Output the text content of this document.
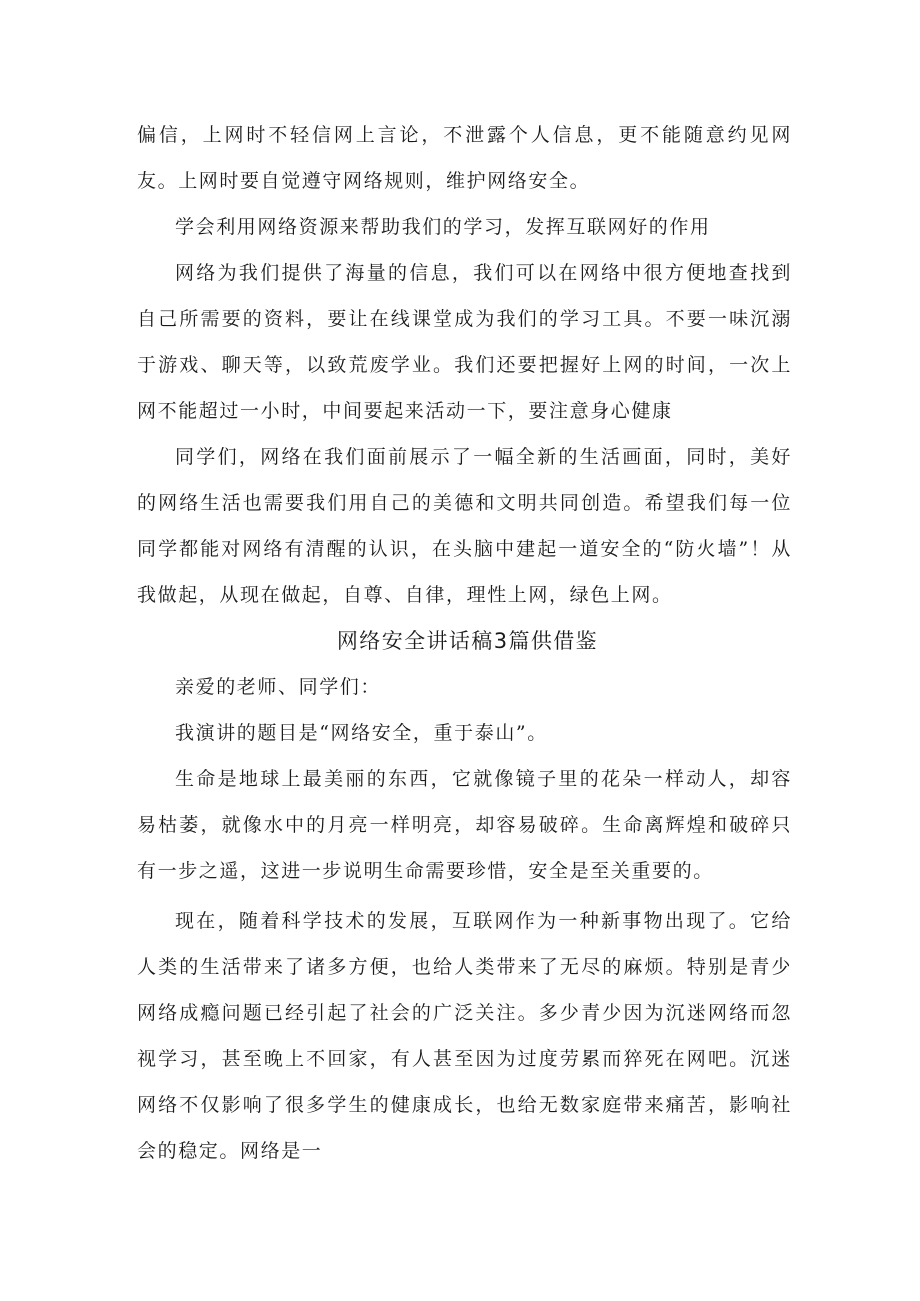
偏信，上网时不轻信网上言论，不泄露个人信息，更不能随意约见网友。上网时要自觉遵守网络规则，维护网络安全。

学会利用网络资源来帮助我们的学习，发挥互联网好的作用

网络为我们提供了海量的信息，我们可以在网络中很方便地查找到自己所需要的资料，要让在线课堂成为我们的学习工具。不要一味沉溺于游戏、聊天等，以致荒废学业。我们还要把握好上网的时间，一次上网不能超过一小时，中间要起来活动一下，要注意身心健康

同学们，网络在我们面前展示了一幅全新的生活画面，同时，美好的网络生活也需要我们用自己的美德和文明共同创造。希望我们每一位同学都能对网络有清醒的认识，在头脑中建起一道安全的“防火墙”！从我做起，从现在做起，自尊、自律，理性上网，绿色上网。

网络安全讲话稿3篇供借鉴

亲爱的老师、同学们：

我演讲的题目是“网络安全，重于泰山”。

生命是地球上最美丽的东西，它就像镜子里的花朵一样动人，却容易枯萎，就像水中的月亮一样明亮，却容易破碎。生命离辉煌和破碎只有一步之遥，这进一步说明生命需要珍惜，安全是至关重要的。

现在，随着科学技术的发展，互联网作为一种新事物出现了。它给人类的生活带来了诸多方便，也给人类带来了无尽的麻烦。特别是青少网络成瘾问题已经引起了社会的广泛关注。多少青少因为沉迷网络而忽视学习，甚至晚上不回家，有人甚至因为过度劳累而猝死在网吧。沉迷网络不仅影响了很多学生的健康成长，也给无数家庭带来痛苦，影响社会的稳定。网络是一
